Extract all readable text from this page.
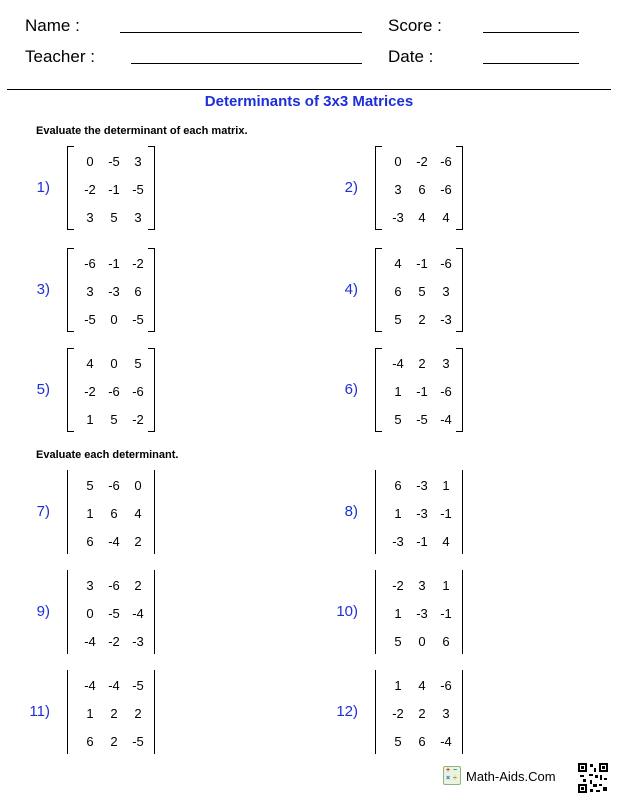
Name :	Score :
Teacher :	Date :
Determinants of 3x3 Matrices
Evaluate the determinant of each matrix.
Evaluate each determinant.
1)
0	-5	3
-2 -1 -5
3	5	3
7)
5	-6	0
1	6	4
6	-4	2
2)
0	-2 -6
3	6	-6
-3	4	4
8)
6	-3	1
1	-3 -1
-3 -1	4
3)
-6 -1 -2
3	-3	6
-5	0	-5
9)
3	-6	2
0	-5 -4
-4 -2 -3
4)
4	-1 -6
6	5	3
5	2	-3
10)
-2	3	1
1	-3 -1
5	0	6
5)
4	0	5
-2 -6 -6
1	5	-2
11)
-4 -4 -5
1	2	2
6	2	-5
6)
-4	2	3
1	-1 -6
5	-5 -4
12)
1	4	-6
-2	2	3
5	6	-4
+ −
× ÷ Math-Aids.Com
